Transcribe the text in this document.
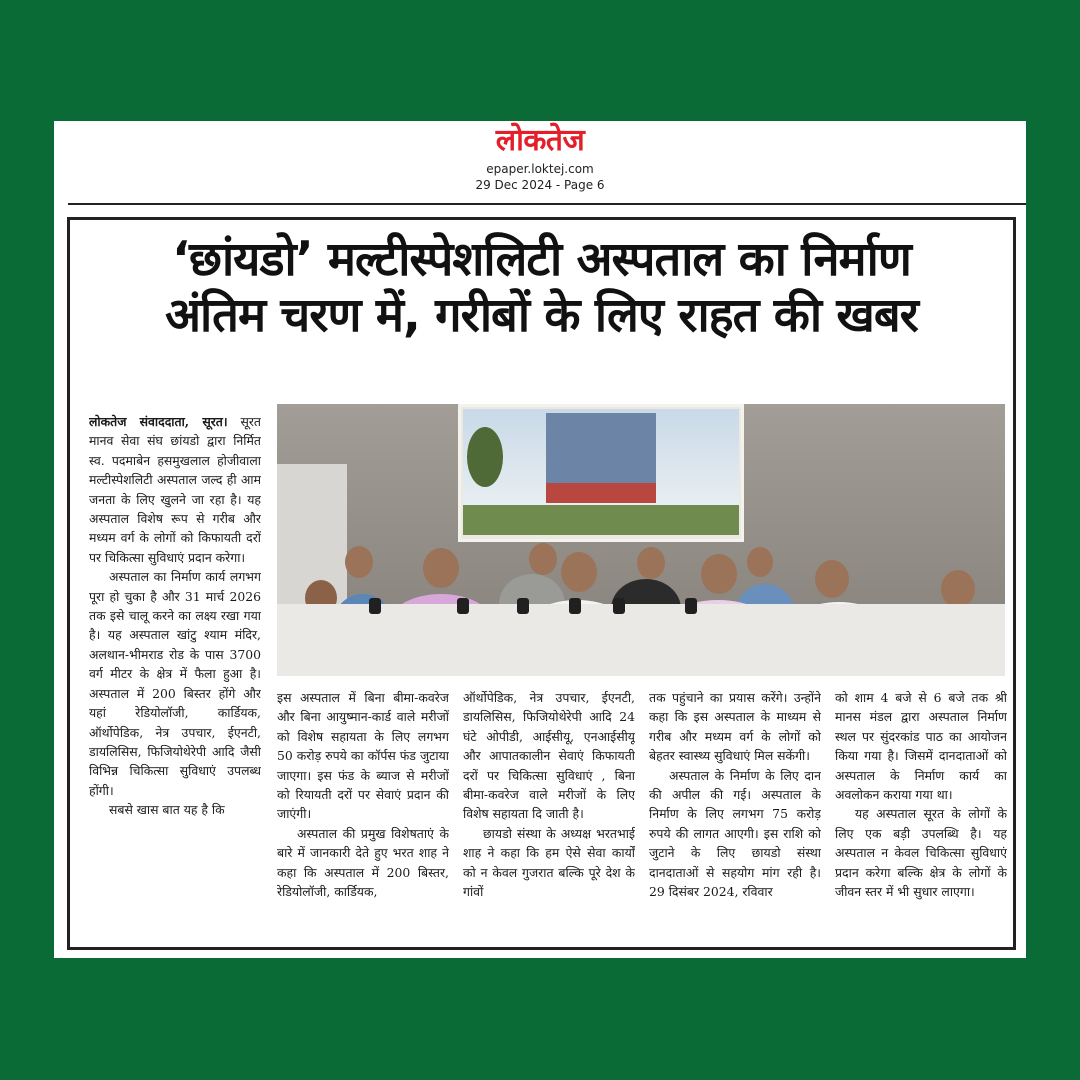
लोकतेज
epaper.loktej.com
29 Dec 2024 - Page 6
‘छांयडो’ मल्टीस्पेशलिटी अस्पताल का निर्माण
अंतिम चरण में, गरीबों के लिए राहत की खबर

लोकतेज संवाददाता, सूरत। सूरत मानव सेवा संघ छांयडो द्वारा निर्मित स्व. पदमाबेन हसमुखलाल होजीवाला मल्टीस्पेशलिटी अस्पताल जल्द ही आम जनता के लिए खुलने जा रहा है। यह अस्पताल विशेष रूप से गरीब और मध्यम वर्ग के लोगों को किफायती दरों पर चिकित्सा सुविधाएं प्रदान करेगा।

अस्पताल का निर्माण कार्य लगभग पूरा हो चुका है और 31 मार्च 2026 तक इसे चालू करने का लक्ष्य रखा गया है। यह अस्पताल खांटु श्याम मंदिर, अलथान-भीमराड रोड के पास 3700 वर्ग मीटर के क्षेत्र में फैला हुआ है। अस्पताल में 200 बिस्तर होंगे और यहां रेडियोलॉजी, कार्डियक, ऑर्थोपेडिक, नेत्र उपचार, ईएनटी, डायलिसिस, फिजियोथेरेपी आदि जैसी विभिन्न चिकित्सा सुविधाएं उपलब्ध होंगी।

सबसे खास बात यह है कि

इस अस्पताल में बिना बीमा-कवरेज और बिना आयुष्मान-कार्ड वाले मरीजों को विशेष सहायता के लिए लगभग 50 करोड़ रुपये का कॉर्पस फंड जुटाया जाएगा। इस फंड के ब्याज से मरीजों को रियायती दरों पर सेवाएं प्रदान की जाएंगी।

अस्पताल की प्रमुख विशेषताएं के बारे में जानकारी देते हुए भरत शाह ने कहा कि अस्पताल में 200 बिस्तर, रेडियोलॉजी, कार्डियक,

ऑर्थोपेडिक, नेत्र उपचार, ईएनटी, डायलिसिस, फिजियोथेरेपी आदि 24 घंटे ओपीडी, आईसीयू, एनआईसीयू और आपातकालीन सेवाएं किफायती दरों पर चिकित्सा सुविधाएं , बिना बीमा-कवरेज वाले मरीजों के लिए विशेष सहायता दि जाती है।

छायडो संस्था के अध्यक्ष भरतभाई शाह ने कहा कि हम ऐसे सेवा कार्यों को न केवल गुजरात बल्कि पूरे देश के गांवों

तक पहुंचाने का प्रयास करेंगे। उन्होंने कहा कि इस अस्पताल के माध्यम से गरीब और मध्यम वर्ग के लोगों को बेहतर स्वास्थ्य सुविधाएं मिल सकेंगी।

अस्पताल के निर्माण के लिए दान की अपील की गई। अस्पताल के निर्माण के लिए लगभग 75 करोड़ रुपये की लागत आएगी। इस राशि को जुटाने के लिए छायडो संस्था दानदाताओं से सहयोग मांग रही है। 29 दिसंबर 2024, रविवार

को शाम 4 बजे से 6 बजे तक श्री मानस मंडल द्वारा अस्पताल निर्माण स्थल पर सुंदरकांड पाठ का आयोजन किया गया है। जिसमें दानदाताओं को अस्पताल के निर्माण कार्य का अवलोकन कराया गया था।

यह अस्पताल सूरत के लोगों के लिए एक बड़ी उपलब्धि है। यह अस्पताल न केवल चिकित्सा सुविधाएं प्रदान करेगा बल्कि क्षेत्र के लोगों के जीवन स्तर में भी सुधार लाएगा।
